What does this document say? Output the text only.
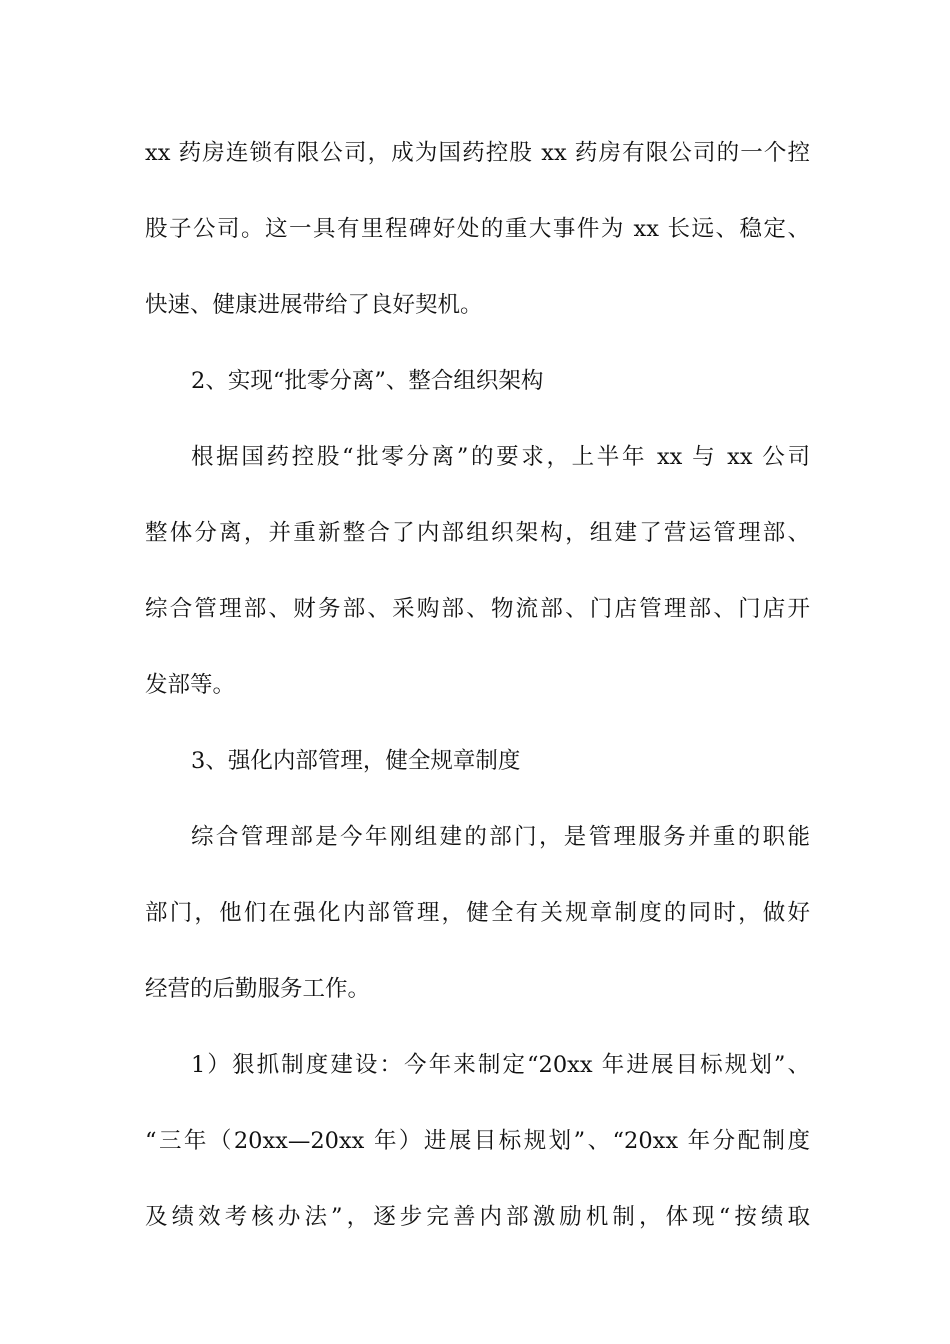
xx 药房连锁有限公司，成为国药控股 xx 药房有限公司的一个控
股子公司。这一具有里程碑好处的重大事件为 xx 长远、稳定、
快速、健康进展带给了良好契机。
2、实现“批零分离”、整合组织架构
根据国药控股“批零分离”的要求，上半年 xx 与 xx 公司
整体分离，并重新整合了内部组织架构，组建了营运管理部、
综合管理部、财务部、采购部、物流部、门店管理部、门店开
发部等。
3、强化内部管理，健全规章制度
综合管理部是今年刚组建的部门，是管理服务并重的职能
部门，他们在强化内部管理，健全有关规章制度的同时，做好
经营的后勤服务工作。
1）狠抓制度建设：今年来制定“20xx 年进展目标规划”、
“三年（20xx—20xx 年）进展目标规划”、“20xx 年分配制度
及绩效考核办法”，逐步完善内部激励机制，体现“按绩取
